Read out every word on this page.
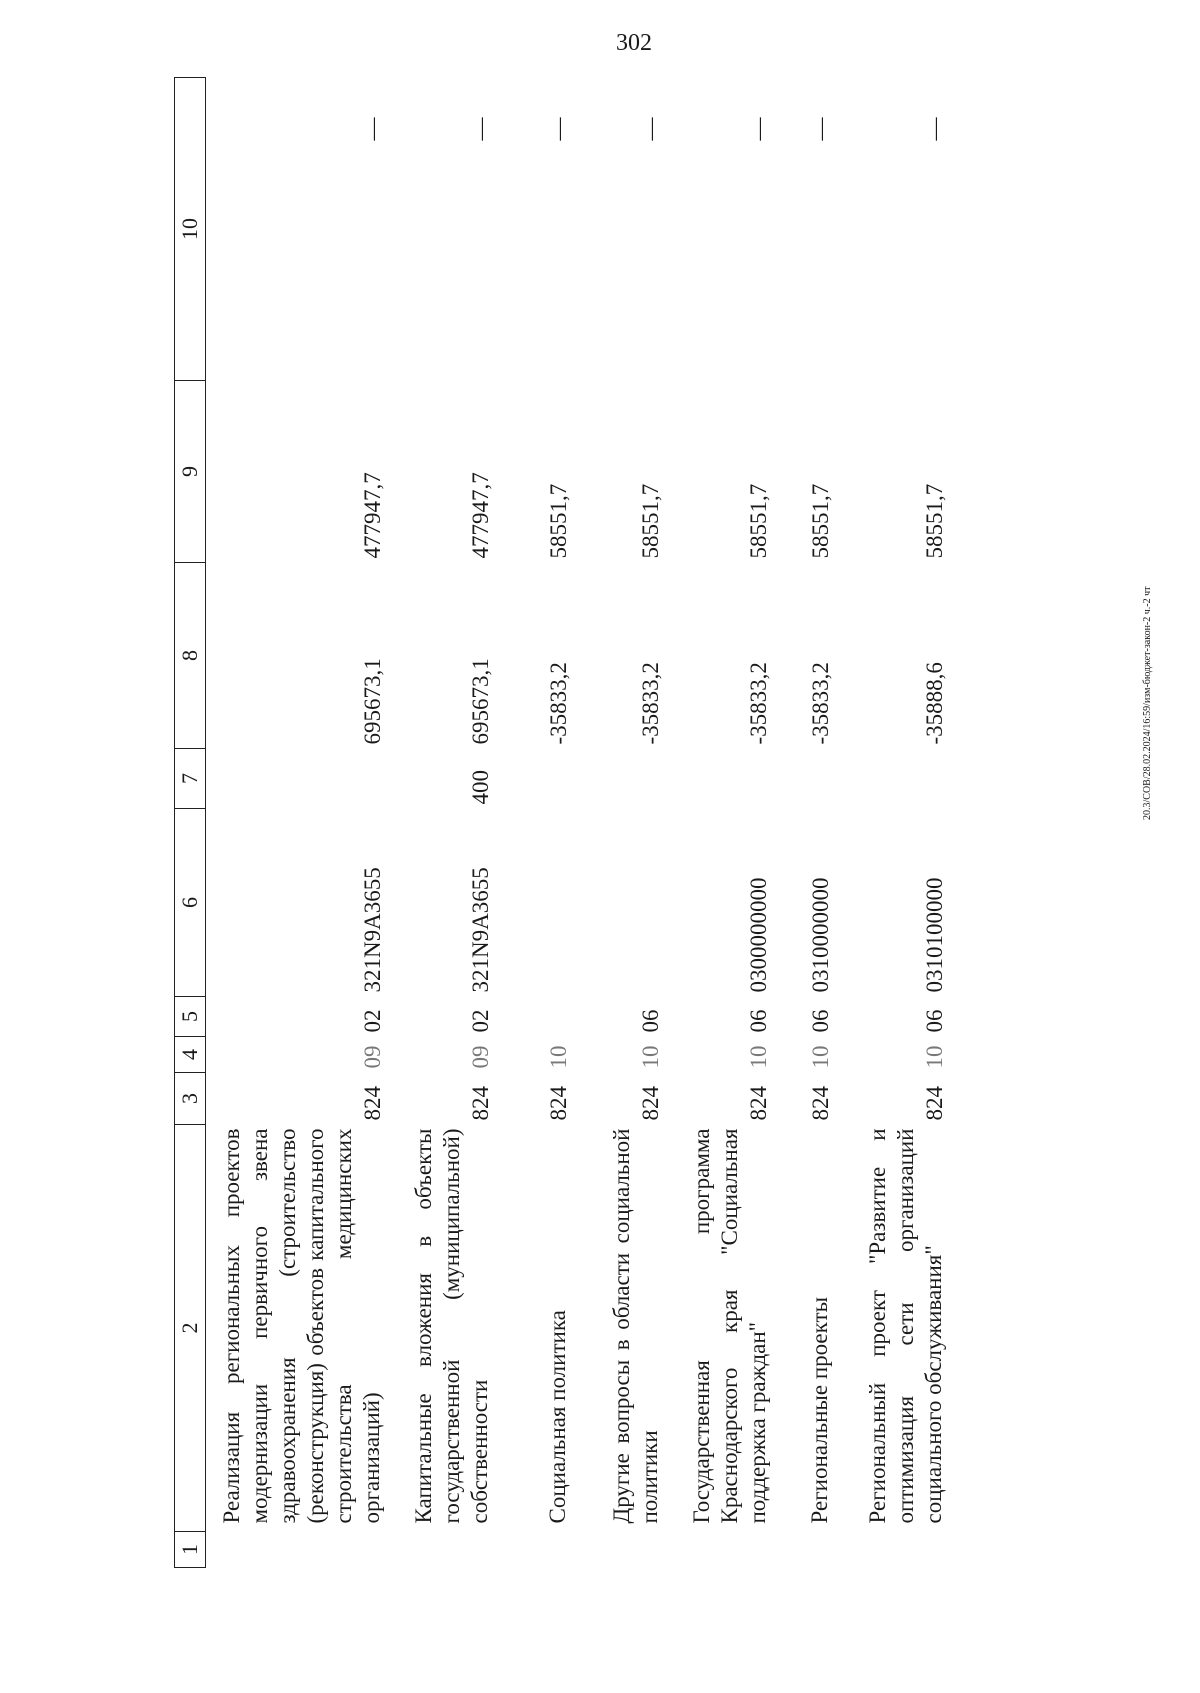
302
20.3/СОВ/28.02.2024/16:59/изм-бюджет-закон-2 ч.-2 чт
1	2	3	4	5	6	7	8	9	10
	Реализация региональных проектов модернизации первичного звена здравоохранения (строительство (реконструкция) объектов капитального строительства медицинских организаций)	824	09	02	321N9A3655		695673,1	477947,7	—
	Капитальные вложения в объекты государственной (муниципальной) собственности	824	09	02	321N9A3655	400	695673,1	477947,7	—
	Социальная политика	824	10				-35833,2	58551,7	—
	Другие вопросы в области социальной политики	824	10	06			-35833,2	58551,7	—
	Государственная программа Краснодарского края "Социальная поддержка граждан"	824	10	06	0300000000		-35833,2	58551,7	—
	Региональные проекты	824	10	06	0310000000		-35833,2	58551,7	—
	Региональный проект "Развитие и оптимизация сети организаций социального обслуживания"	824	10	06	0310100000		-35888,6	58551,7	—
